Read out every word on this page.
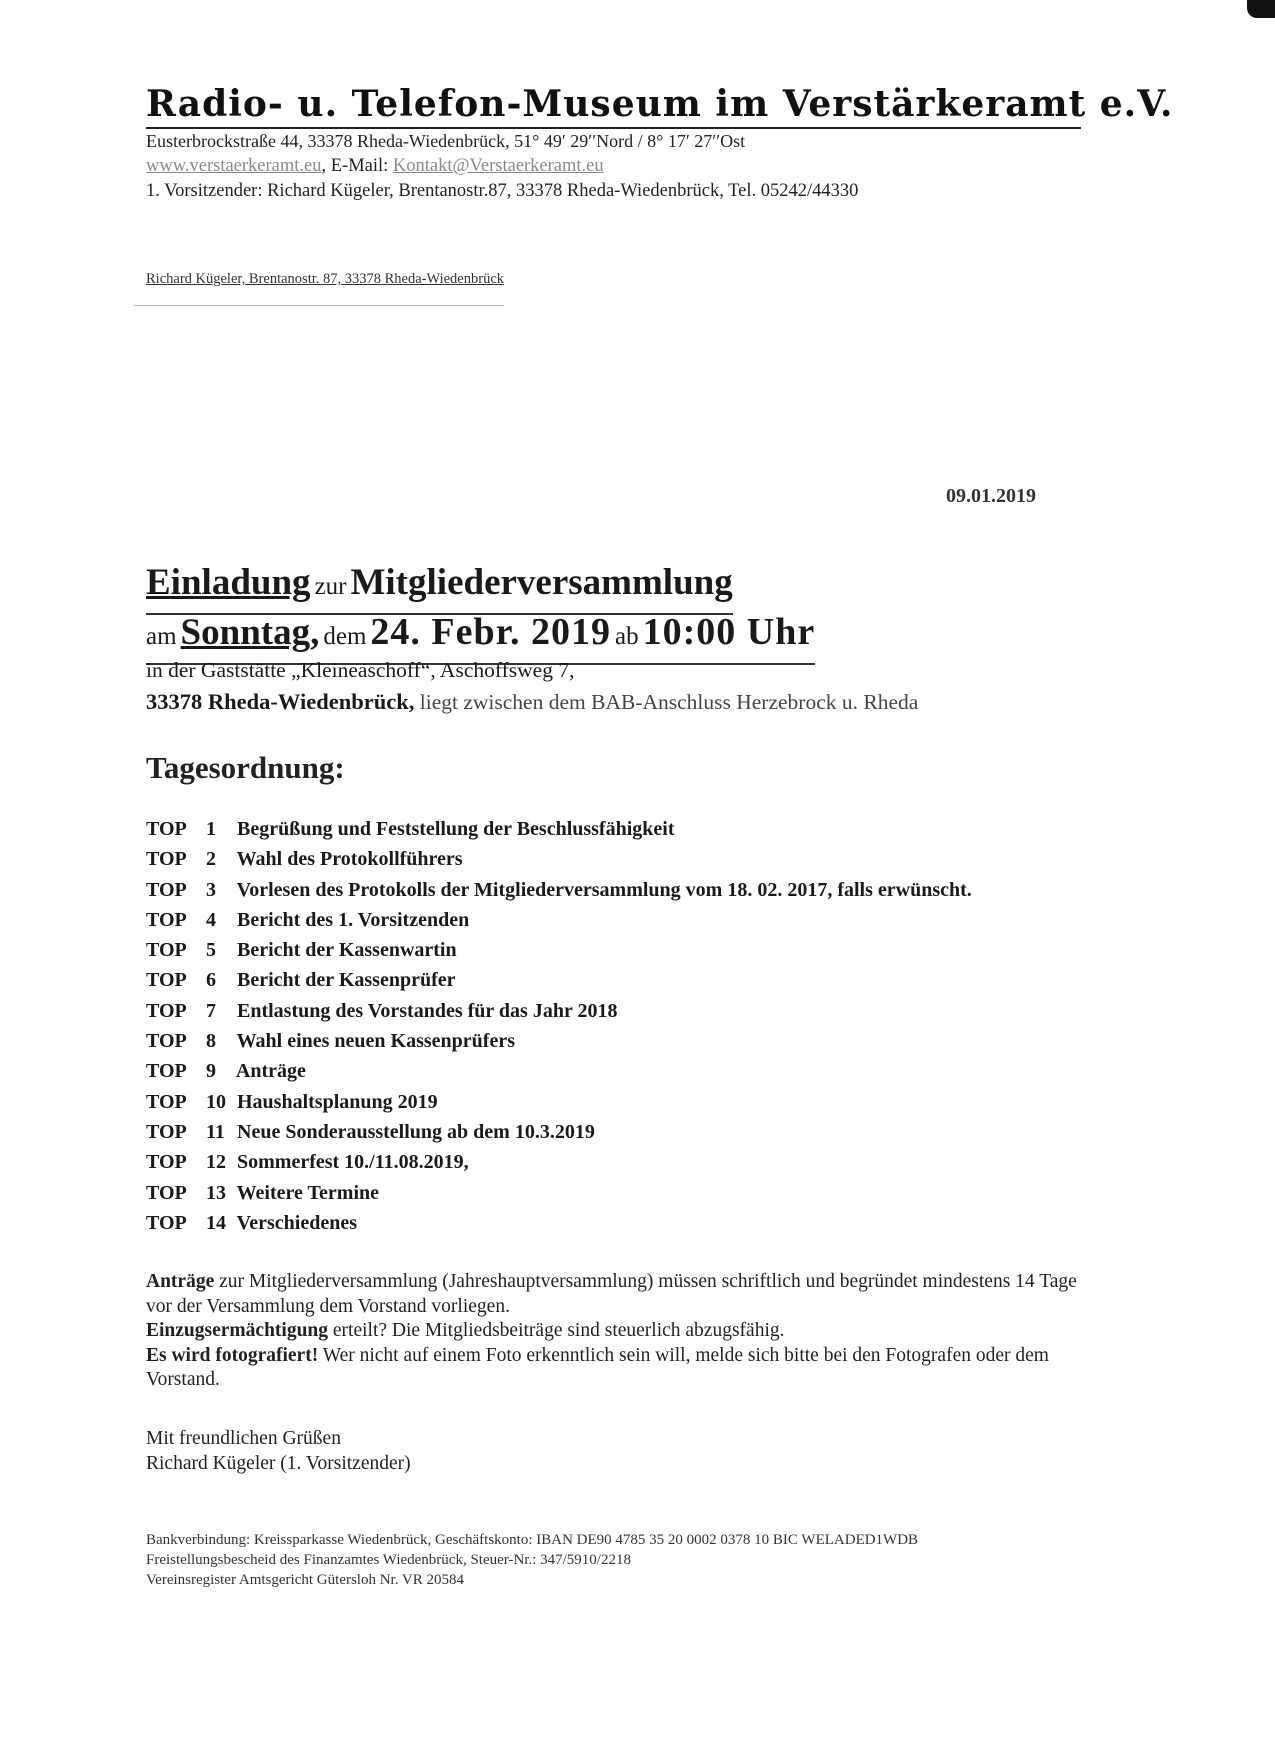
Radio- u. Telefon-Museum im Verstärkeramt e.V.
Eusterbrockstraße 44, 33378 Rheda-Wiedenbrück, 51° 49′ 29′′Nord / 8° 17′ 27′′Ost
www.verstaerkeramt.eu, E-Mail: Kontakt@Verstaerkeramt.eu
1. Vorsitzender: Richard Kügeler, Brentanostr.87, 33378 Rheda-Wiedenbrück, Tel. 05242/44330
Richard Kügeler, Brentanostr. 87, 33378 Rheda-Wiedenbrück
09.01.2019
Einladung zur Mitgliederversammlung
am Sonntag, dem 24. Febr. 2019 ab 10:00 Uhr
in der Gaststätte „Kleineaschoff“, Aschoffsweg 7,
33378 Rheda-Wiedenbrück, liegt zwischen dem BAB-Anschluss Herzebrock u. Rheda
Tagesordnung:
TOP 1 Begrüßung und Feststellung der Beschlussfähigkeit
TOP 2 Wahl des Protokollführers
TOP 3 Vorlesen des Protokolls der Mitgliederversammlung vom 18. 02. 2017, falls erwünscht.
TOP 4 Bericht des 1. Vorsitzenden
TOP 5 Bericht der Kassenwartin
TOP 6 Bericht der Kassenprüfer
TOP 7 Entlastung des Vorstandes für das Jahr 2018
TOP 8 Wahl eines neuen Kassenprüfers
TOP 9 Anträge
TOP 10 Haushaltsplanung 2019
TOP 11 Neue Sonderausstellung ab dem 10.3.2019
TOP 12 Sommerfest 10./11.08.2019,
TOP 13 Weitere Termine
TOP 14 Verschiedenes

Anträge zur Mitgliederversammlung (Jahreshauptversammlung) müssen schriftlich und begründet mindestens 14 Tage vor der Versammlung dem Vorstand vorliegen.

Einzugsermächtigung erteilt? Die Mitgliedsbeiträge sind steuerlich abzugsfähig.

Es wird fotografiert! Wer nicht auf einem Foto erkenntlich sein will, melde sich bitte bei den Fotografen oder dem Vorstand.

Mit freundlichen Grüßen
Richard Kügeler (1. Vorsitzender)

Bankverbindung: Kreissparkasse Wiedenbrück, Geschäftskonto: IBAN DE90 4785 35 20 0002 0378 10 BIC WELADED1WDB

Freistellungsbescheid des Finanzamtes Wiedenbrück, Steuer-Nr.: 347/5910/2218

Vereinsregister Amtsgericht Gütersloh Nr. VR 20584
